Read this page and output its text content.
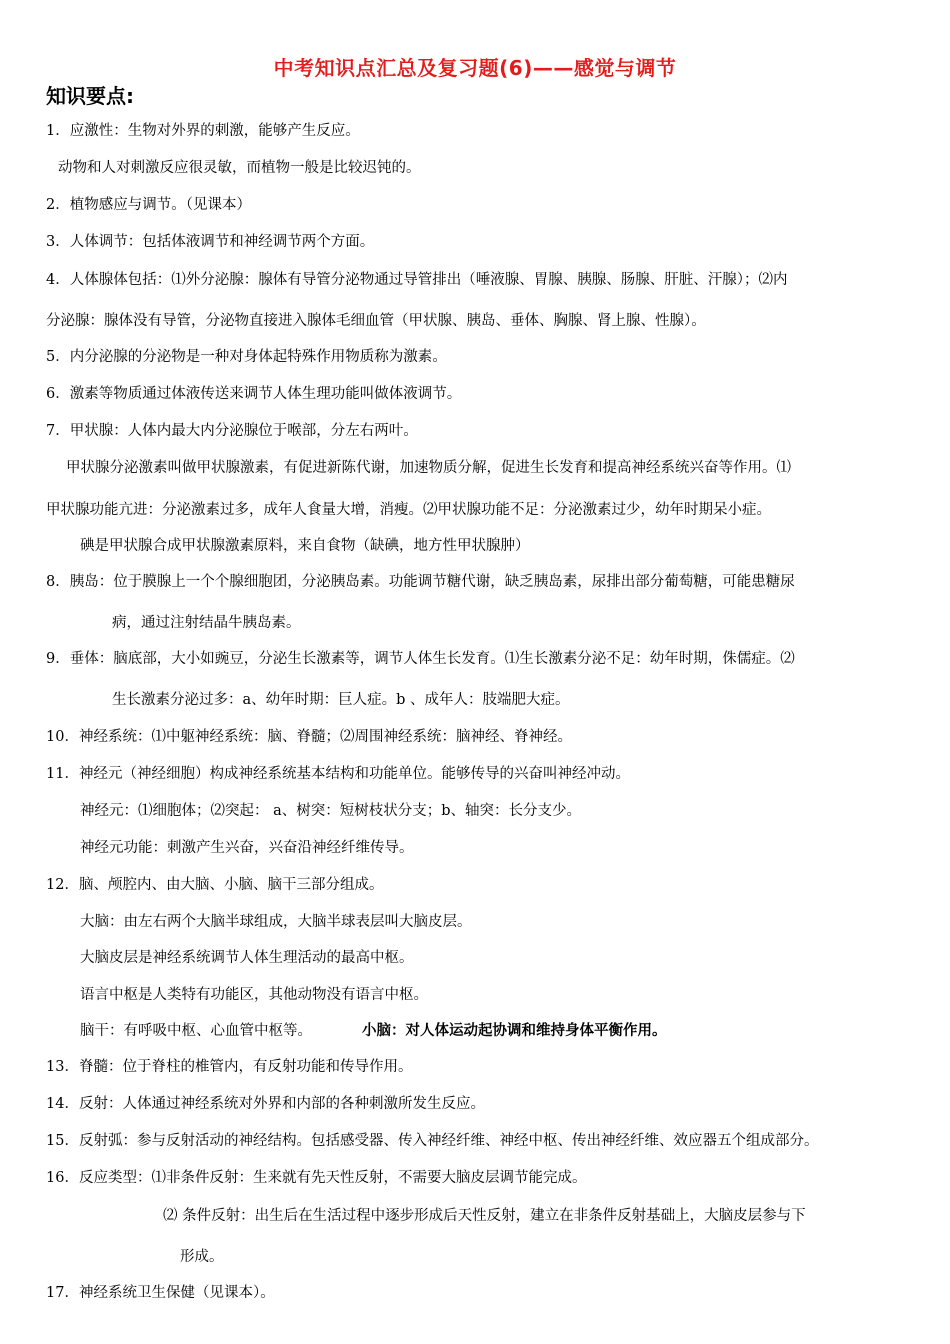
中考知识点汇总及复习题(6)——感觉与调节
知识要点:
1．应激性：生物对外界的刺激，能够产生反应。
动物和人对刺激反应很灵敏，而植物一般是比较迟钝的。
2．植物感应与调节。（见课本）
3．人体调节：包括体液调节和神经调节两个方面。
4．人体腺体包括：⑴外分泌腺：腺体有导管分泌物通过导管排出（唾液腺、胃腺、胰腺、肠腺、肝脏、汗腺）；⑵内
分泌腺：腺体没有导管，分泌物直接进入腺体毛细血管（甲状腺、胰岛、垂体、胸腺、肾上腺、性腺）。
5．内分泌腺的分泌物是一种对身体起特殊作用物质称为激素。
6．激素等物质通过体液传送来调节人体生理功能叫做体液调节。
7．甲状腺：人体内最大内分泌腺位于喉部，分左右两叶。
甲状腺分泌激素叫做甲状腺激素，有促进新陈代谢，加速物质分解，促进生长发育和提高神经系统兴奋等作用。⑴
甲状腺功能亢进：分泌激素过多，成年人食量大增，消瘦。⑵甲状腺功能不足：分泌激素过少，幼年时期呆小症。
碘是甲状腺合成甲状腺激素原料，来自食物（缺碘，地方性甲状腺肿）
8．胰岛：位于膜腺上一个个腺细胞团，分泌胰岛素。功能调节糖代谢，缺乏胰岛素，尿排出部分葡萄糖，可能患糖尿
病，通过注射结晶牛胰岛素。
9．垂体：脑底部，大小如豌豆，分泌生长激素等，调节人体生长发育。⑴生长激素分泌不足：幼年时期，侏儒症。⑵
生长激素分泌过多：a、幼年时期：巨人症。b 、成年人：肢端肥大症。
10．神经系统：⑴中躯神经系统：脑、脊髓；⑵周围神经系统：脑神经、脊神经。
11．神经元（神经细胞）构成神经系统基本结构和功能单位。能够传导的兴奋叫神经冲动。
神经元：⑴细胞体；⑵突起： a、树突：短树枝状分支；b、轴突：长分支少。
神经元功能：刺激产生兴奋，兴奋沿神经纤维传导。
12．脑、颅腔内、由大脑、小脑、脑干三部分组成。
大脑：由左右两个大脑半球组成，大脑半球表层叫大脑皮层。
大脑皮层是神经系统调节人体生理活动的最高中枢。
语言中枢是人类特有功能区，其他动物没有语言中枢。
脑干：有呼吸中枢、心血管中枢等。	小脑：对人体运动起协调和维持身体平衡作用。
13．脊髓：位于脊柱的椎管内，有反射功能和传导作用。
14．反射：人体通过神经系统对外界和内部的各种刺激所发生反应。
15．反射弧：参与反射活动的神经结构。包括感受器、传入神经纤维、神经中枢、传出神经纤维、效应器五个组成部分。
16．反应类型：⑴非条件反射：生来就有先天性反射，不需要大脑皮层调节能完成。
⑵ 条件反射：出生后在生活过程中逐步形成后天性反射，建立在非条件反射基础上，大脑皮层参与下
形成。
17．神经系统卫生保健（见课本）。
